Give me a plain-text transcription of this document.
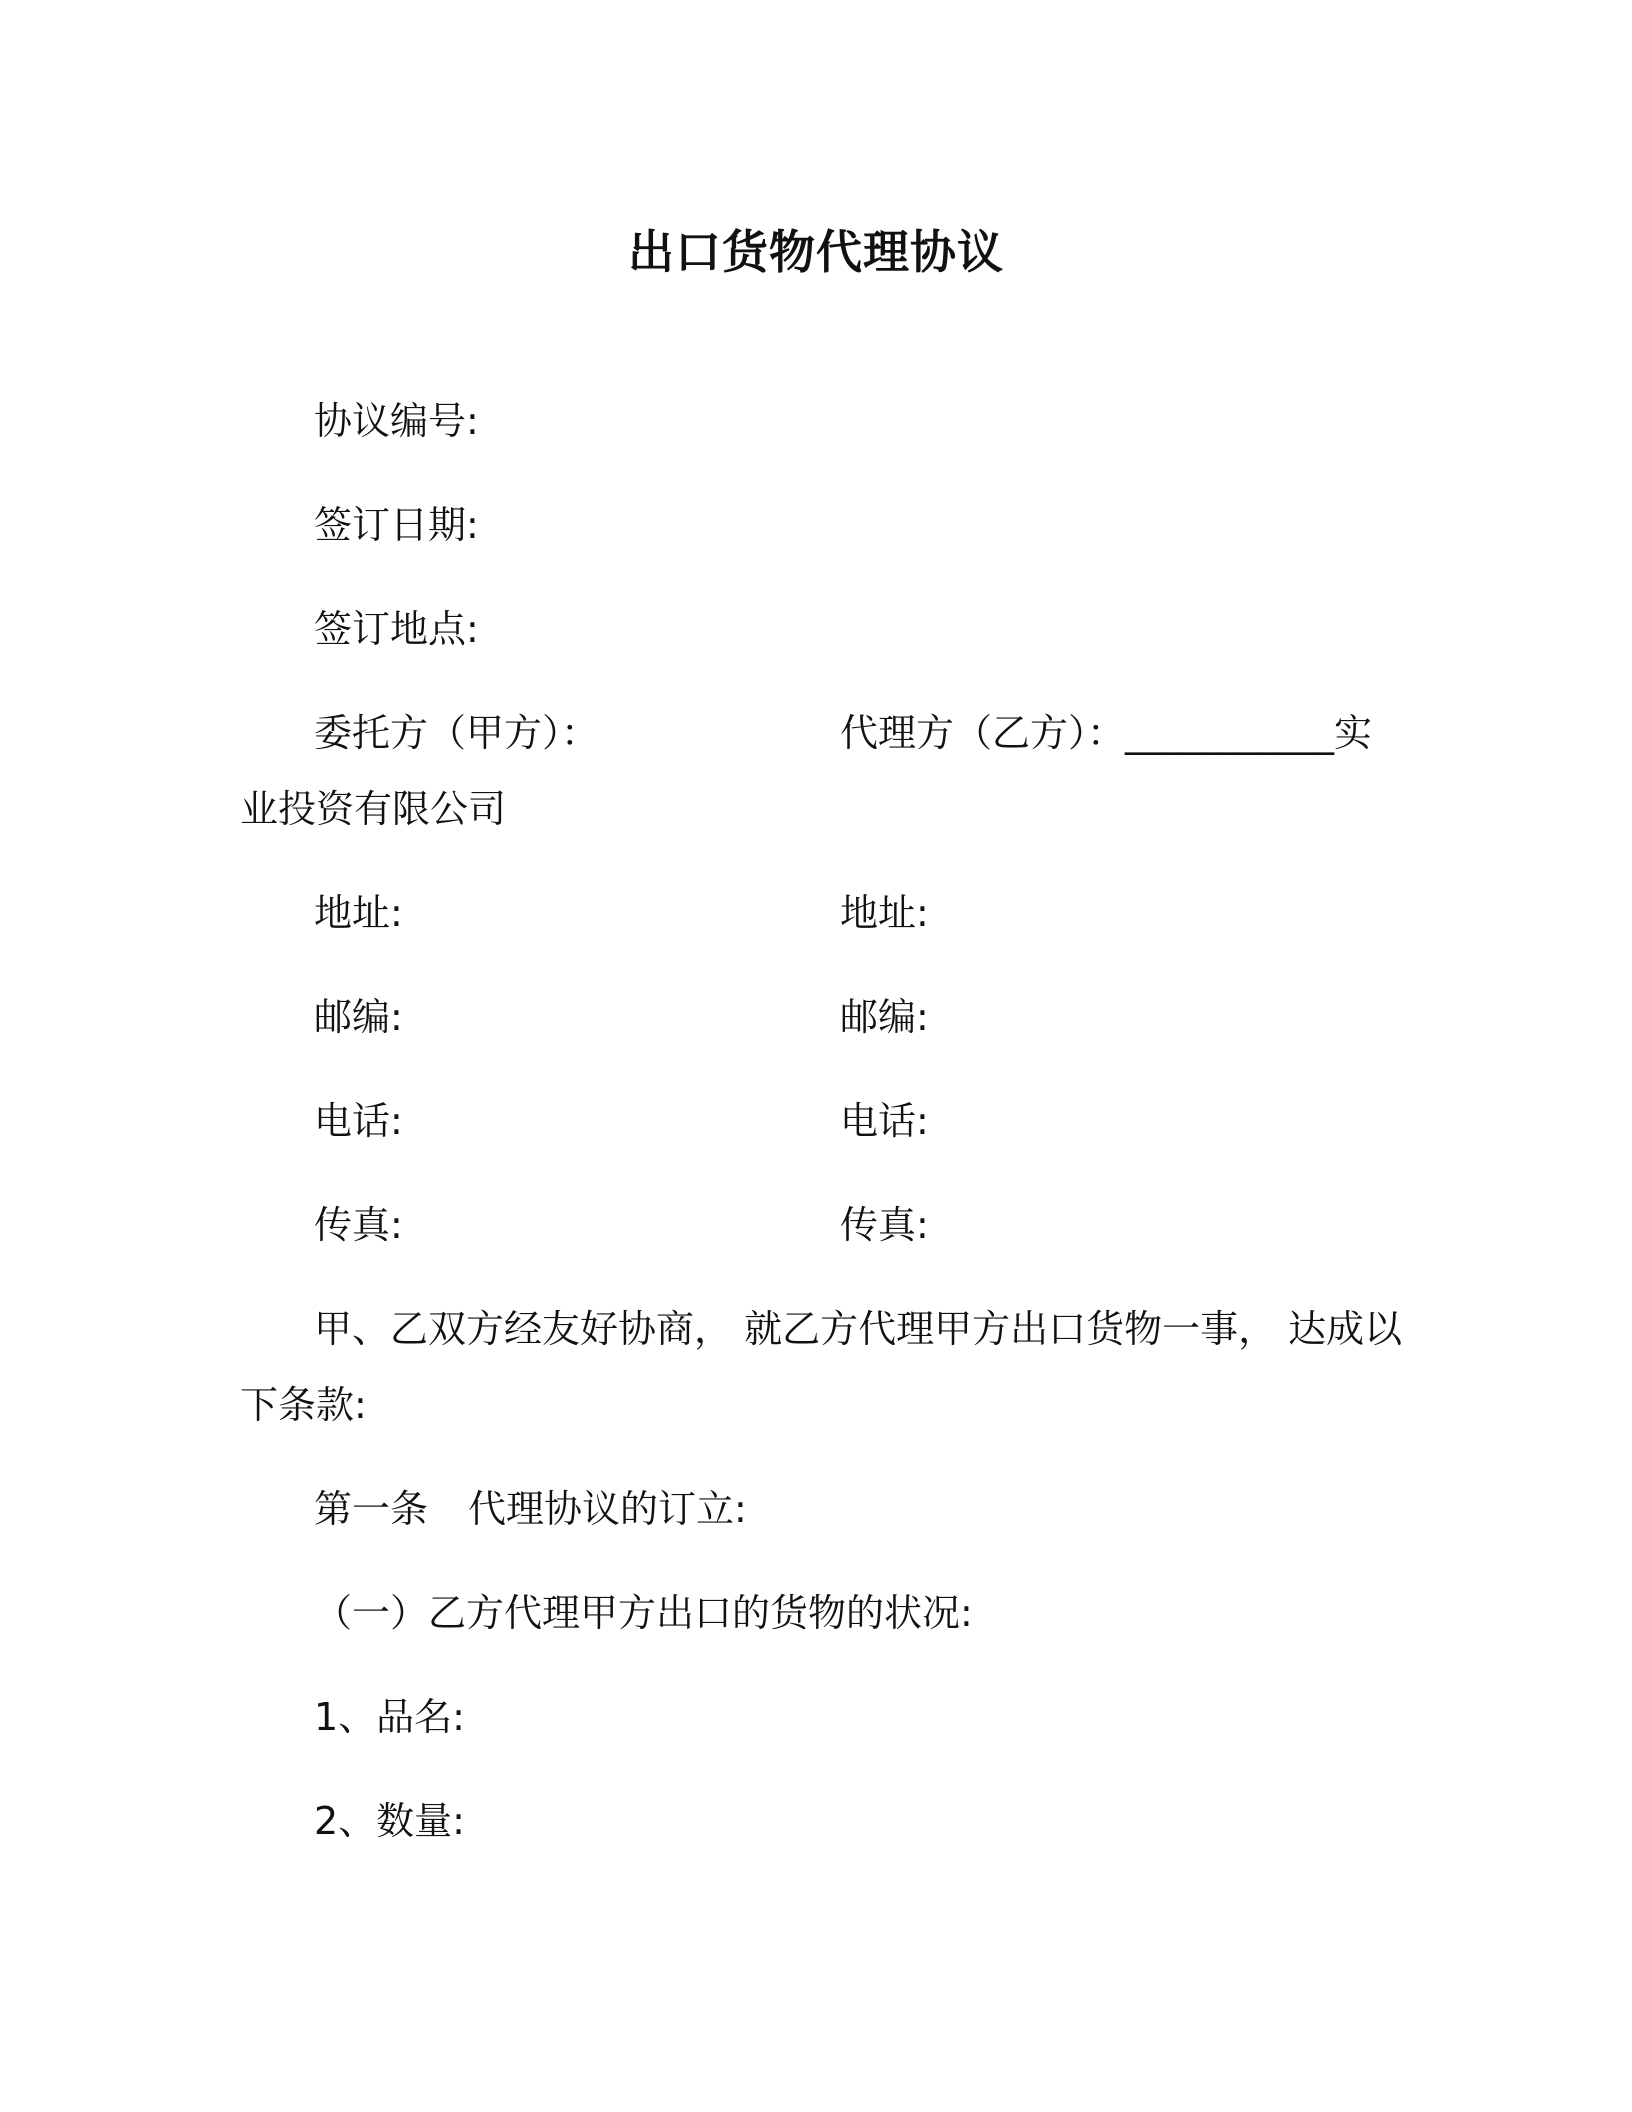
出口货物代理协议
协议编号:
签订日期:
签订地点:
委托方（甲方）：	代理方（乙方）：___________实
业投资有限公司
地址:	地址:
邮编:	邮编:
电话:	电话:
传真:	传真:
甲、乙双方经友好协商， 就乙方代理甲方出口货物一事， 达成以
下条款:
第一条 代理协议的订立:
（一）乙方代理甲方出口的货物的状况:
1、品名:
2、数量:
